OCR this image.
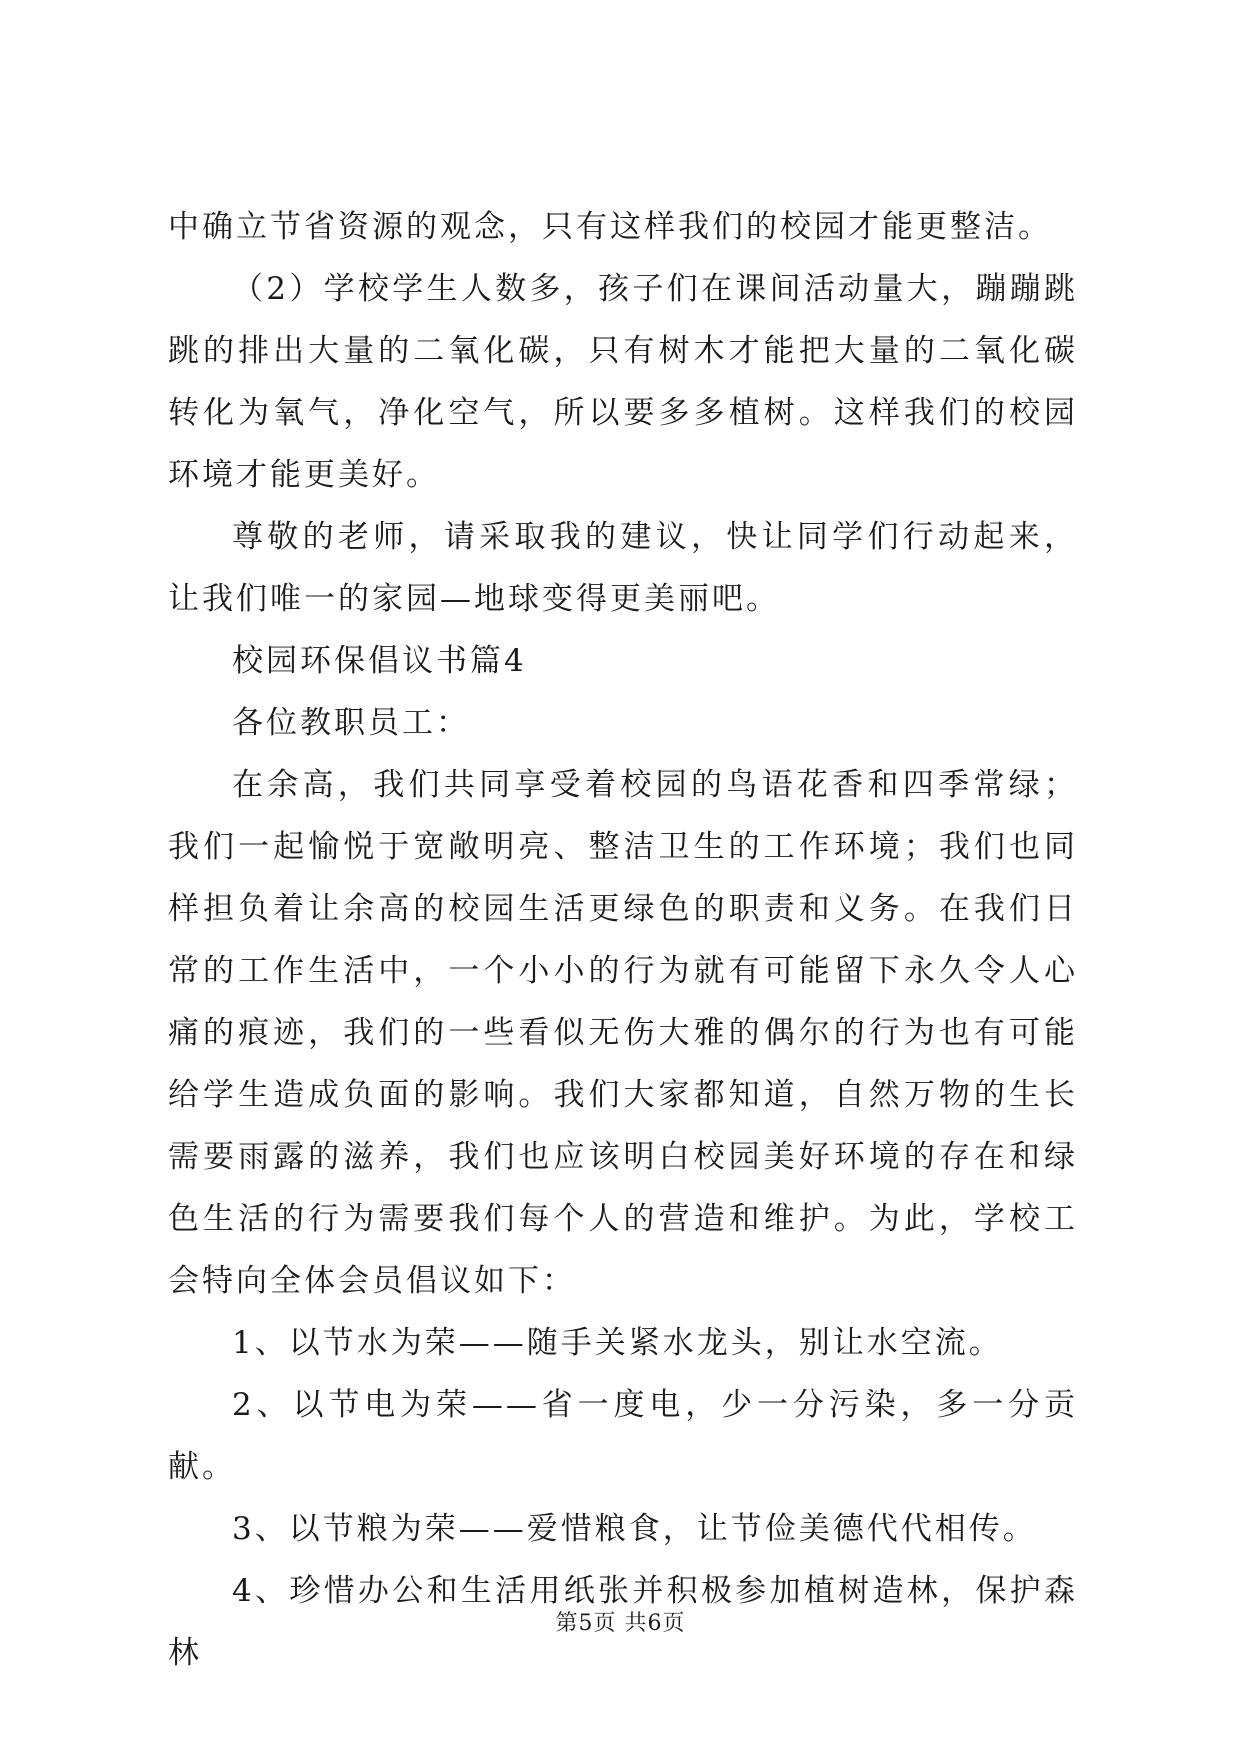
中确立节省资源的观念，只有这样我们的校园才能更整洁。

（2）学校学生人数多，孩子们在课间活动量大，蹦蹦跳跳的排出大量的二氧化碳，只有树木才能把大量的二氧化碳转化为氧气，净化空气，所以要多多植树。这样我们的校园环境才能更美好。

尊敬的老师，请采取我的建议，快让同学们行动起来，让我们唯一的家园—地球变得更美丽吧。

校园环保倡议书篇4

各位教职员工：

在余高，我们共同享受着校园的鸟语花香和四季常绿；我们一起愉悦于宽敞明亮、整洁卫生的工作环境；我们也同样担负着让余高的校园生活更绿色的职责和义务。在我们日常的工作生活中，一个小小的行为就有可能留下永久令人心痛的痕迹，我们的一些看似无伤大雅的偶尔的行为也有可能给学生造成负面的影响。我们大家都知道，自然万物的生长需要雨露的滋养，我们也应该明白校园美好环境的存在和绿色生活的行为需要我们每个人的营造和维护。为此，学校工会特向全体会员倡议如下：

1、以节水为荣——随手关紧水龙头，别让水空流。

2、以节电为荣——省一度电，少一分污染，多一分贡献。

3、以节粮为荣——爱惜粮食，让节俭美德代代相传。

4、珍惜办公和生活用纸张并积极参加植树造林，保护森林

第5页 共6页
